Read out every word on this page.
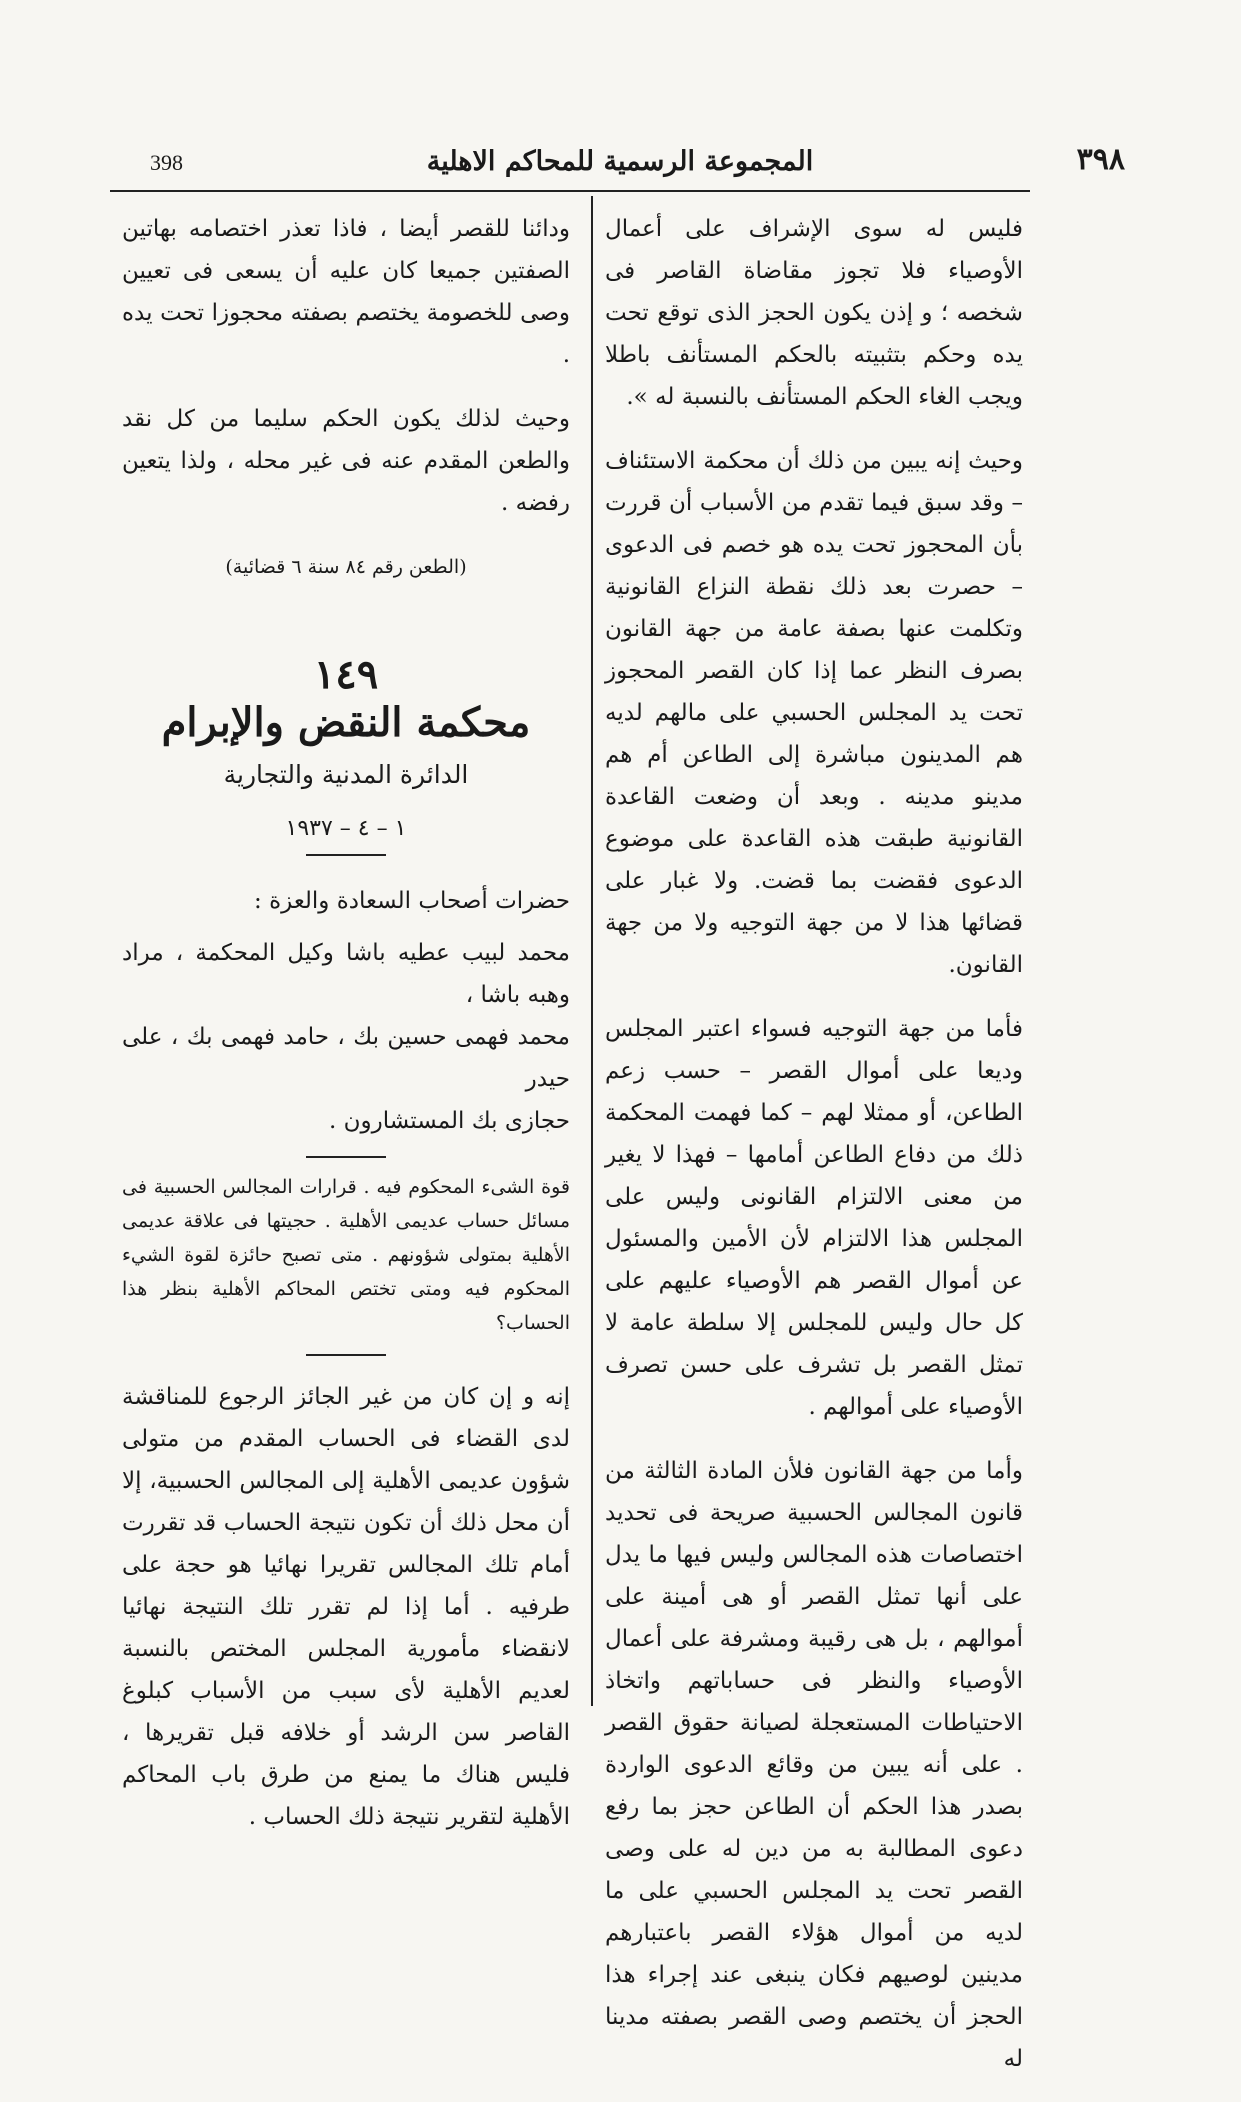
398	المجموعة الرسمية للمحاكم الاهلية	٣٩٨

فليس له سوى الإشراف على أعمال الأوصياء فلا تجوز مقاضاة القاصر فى شخصه ؛ و إذن يكون الحجز الذى توقع تحت يده وحكم بتثبيته بالحكم المستأنف باطلا ويجب الغاء الحكم المستأنف بالنسبة له ».

وحيث إنه يبين من ذلك أن محكمة الاستئناف – وقد سبق فيما تقدم من الأسباب أن قررت بأن المحجوز تحت يده هو خصم فى الدعوى – حصرت بعد ذلك نقطة النزاع القانونية وتكلمت عنها بصفة عامة من جهة القانون بصرف النظر عما إذا كان القصر المحجوز تحت يد المجلس الحسبي على مالهم لديه هم المدينون مباشرة إلى الطاعن أم هم مدينو مدينه . وبعد أن وضعت القاعدة القانونية طبقت هذه القاعدة على موضوع الدعوى فقضت بما قضت. ولا غبار على قضائها هذا لا من جهة التوجيه ولا من جهة القانون.

فأما من جهة التوجيه فسواء اعتبر المجلس وديعا على أموال القصر – حسب زعم الطاعن، أو ممثلا لهم – كما فهمت المحكمة ذلك من دفاع الطاعن أمامها – فهذا لا يغير من معنى الالتزام القانونى وليس على المجلس هذا الالتزام لأن الأمين والمسئول عن أموال القصر هم الأوصياء عليهم على كل حال وليس للمجلس إلا سلطة عامة لا تمثل القصر بل تشرف على حسن تصرف الأوصياء على أموالهم .

وأما من جهة القانون فلأن المادة الثالثة من قانون المجالس الحسبية صريحة فى تحديد اختصاصات هذه المجالس وليس فيها ما يدل على أنها تمثل القصر أو هى أمينة على أموالهم ، بل هى رقيبة ومشرفة على أعمال الأوصياء والنظر فى حساباتهم واتخاذ الاحتياطات المستعجلة لصيانة حقوق القصر . على أنه يبين من وقائع الدعوى الواردة بصدر هذا الحكم أن الطاعن حجز بما رفع دعوى المطالبة به من دين له على وصى القصر تحت يد المجلس الحسبي على ما لديه من أموال هؤلاء القصر باعتبارهم مدينين لوصيهم فكان ينبغى عند إجراء هذا الحجز أن يختصم وصى القصر بصفته مدينا له

ودائنا للقصر أيضا ، فاذا تعذر اختصامه بهاتين الصفتين جميعا كان عليه أن يسعى فى تعيين وصى للخصومة يختصم بصفته محجوزا تحت يده .

وحيث لذلك يكون الحكم سليما من كل نقد والطعن المقدم عنه فى غير محله ، ولذا يتعين رفضه .

(الطعن رقم ٨٤ سنة ٦ قضائية)
١٤٩
محكمة النقض والإبرام
الدائرة المدنية والتجارية
١ – ٤ – ١٩٣٧

حضرات أصحاب السعادة والعزة :

محمد لبيب عطيه باشا وكيل المحكمة ، مراد وهبه باشا ،
محمد فهمى حسين بك ، حامد فهمى بك ، على حيدر
حجازى بك المستشارون .

قوة الشىء المحكوم فيه . قرارات المجالس الحسبية فى مسائل حساب عديمى الأهلية . حجيتها فى علاقة عديمى الأهلية بمتولى شؤونهم . متى تصبح حائزة لقوة الشيء المحكوم فيه ومتى تختص المحاكم الأهلية بنظر هذا الحساب؟

إنه و إن كان من غير الجائز الرجوع للمناقشة لدى القضاء فى الحساب المقدم من متولى شؤون عديمى الأهلية إلى المجالس الحسبية، إلا أن محل ذلك أن تكون نتيجة الحساب قد تقررت أمام تلك المجالس تقريرا نهائيا هو حجة على طرفيه . أما إذا لم تقرر تلك النتيجة نهائيا لانقضاء مأمورية المجلس المختص بالنسبة لعديم الأهلية لأى سبب من الأسباب كبلوغ القاصر سن الرشد أو خلافه قبل تقريرها ، فليس هناك ما يمنع من طرق باب المحاكم الأهلية لتقرير نتيجة ذلك الحساب .
